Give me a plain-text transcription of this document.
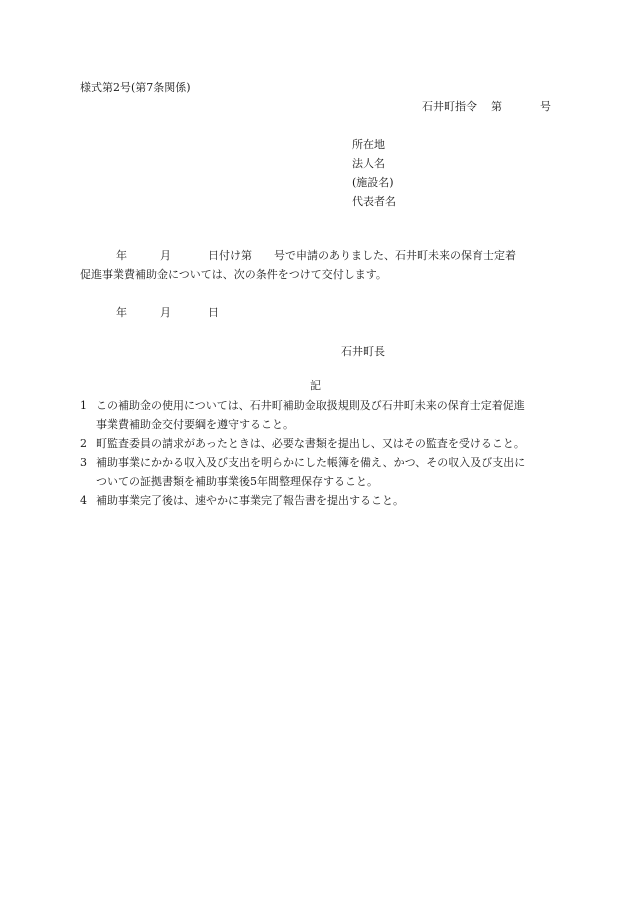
様式第2号(第7条関係)
石井町指令 第	号
所在地
法人名
(施設名)
代表者名
年	月	日付け第 号で申請のありました、石井町未来の保育士定着
促進事業費補助金については、次の条件をつけて交付します。
年	月	日
石井町長
記
1 この補助金の使用については、石井町補助金取扱規則及び石井町未来の保育士定着促進
事業費補助金交付要綱を遵守すること。
2 町監査委員の請求があったときは、必要な書類を提出し、又はその監査を受けること。
3 補助事業にかかる収入及び支出を明らかにした帳簿を備え、かつ、その収入及び支出に
ついての証拠書類を補助事業後5年間整理保存すること。
4 補助事業完了後は、速やかに事業完了報告書を提出すること。
